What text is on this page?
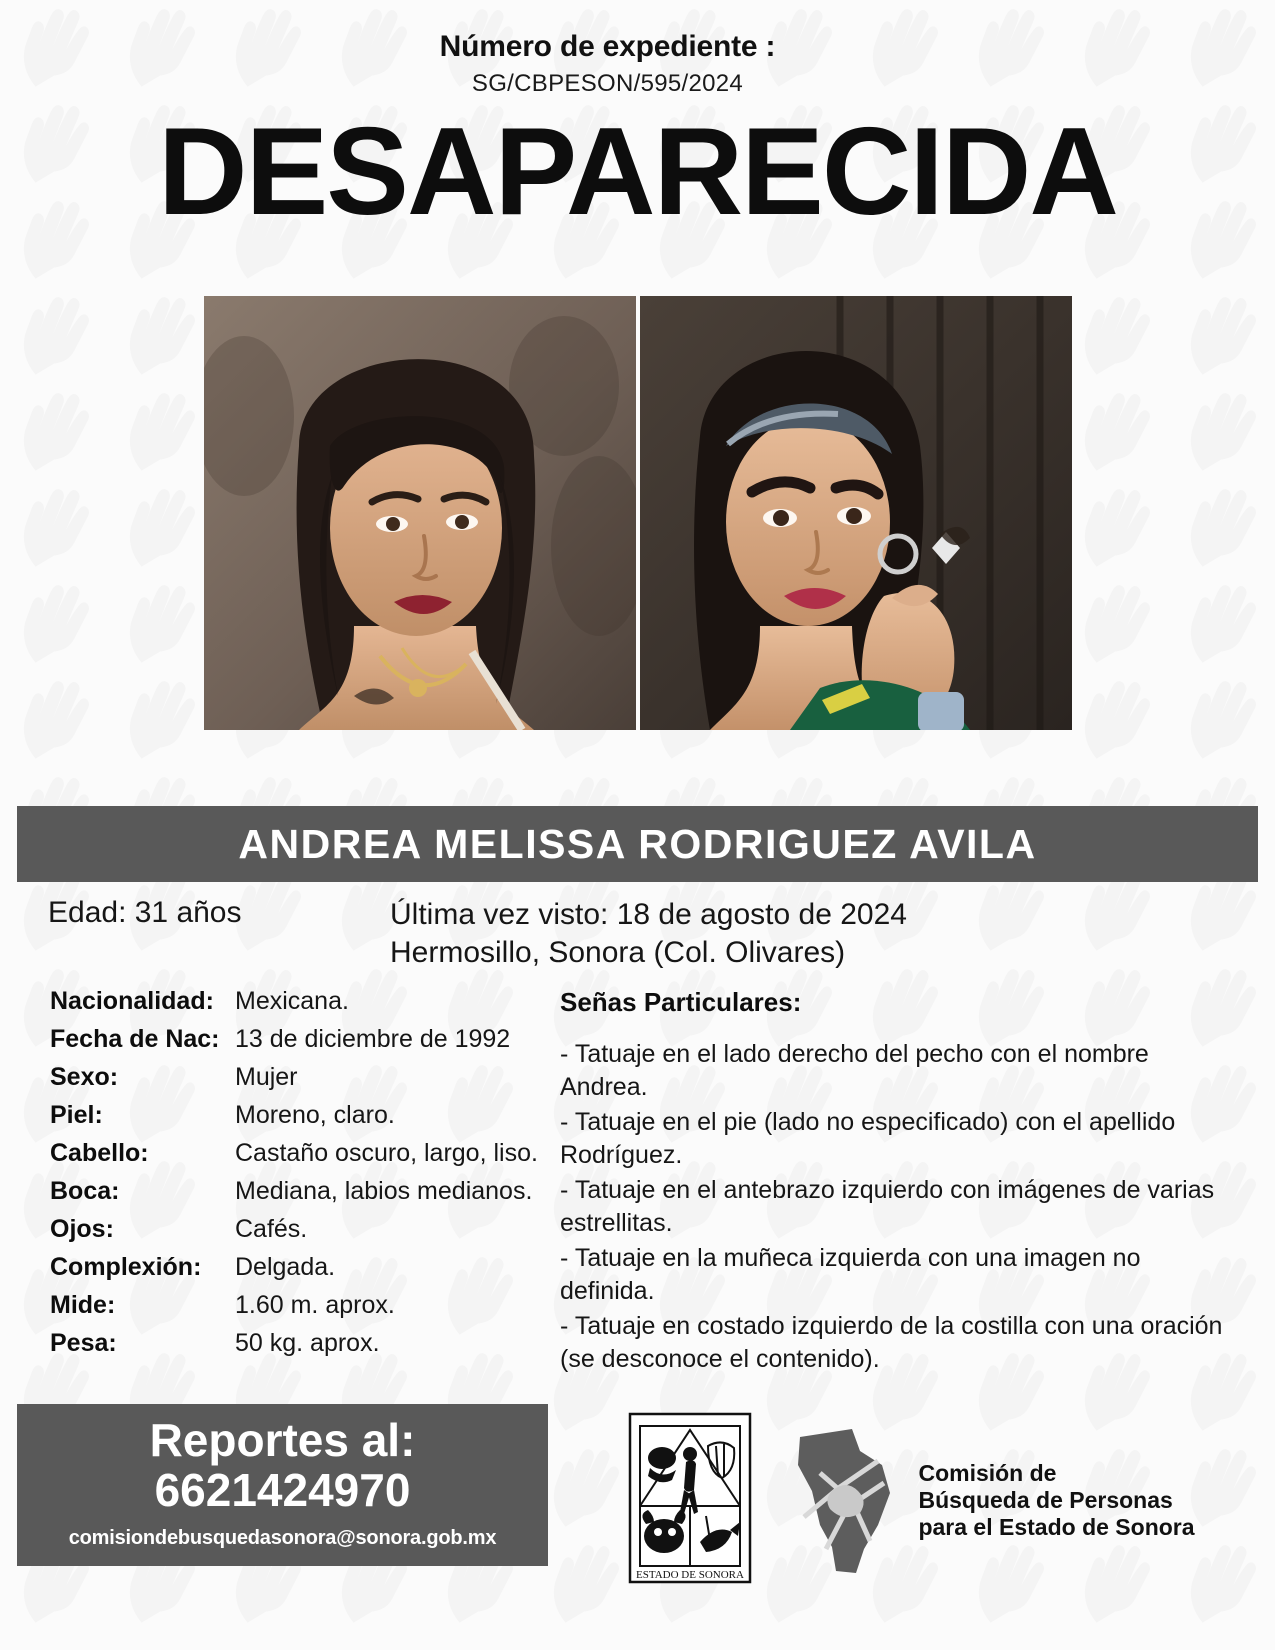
Número de expediente :
SG/CBPESON/595/2024
DESAPARECIDA
ANDREA MELISSA RODRIGUEZ AVILA
Edad: 31 años	Última vez visto: 18 de agosto de 2024
Hermosillo, Sonora (Col. Olivares)
Nacionalidad: Mexicana.
Fecha de Nac: 13 de diciembre de 1992
Sexo:	Mujer
Piel:	Moreno, claro.
Cabello:	Castaño oscuro, largo, liso.
Boca:	Mediana, labios medianos.
Ojos:	Cafés.
Complexión:	Delgada.
Mide:	1.60 m. aprox.
Pesa:	50 kg. aprox.
Señas Particulares:
- Tatuaje en el lado derecho del pecho con el nombre Andrea.
- Tatuaje en el pie (lado no especificado) con el apellido Rodríguez.
- Tatuaje en el antebrazo izquierdo con imágenes de varias estrellitas.
- Tatuaje en la muñeca izquierda con una imagen no definida.
- Tatuaje en costado izquierdo de la costilla con una oración (se desconoce el contenido).
Reportes al:
6621424970
comisiondebusquedasonora@sonora.gob.mx
ESTADO DE SONORA
Comisión de
Búsqueda de Personas
para el Estado de Sonora
